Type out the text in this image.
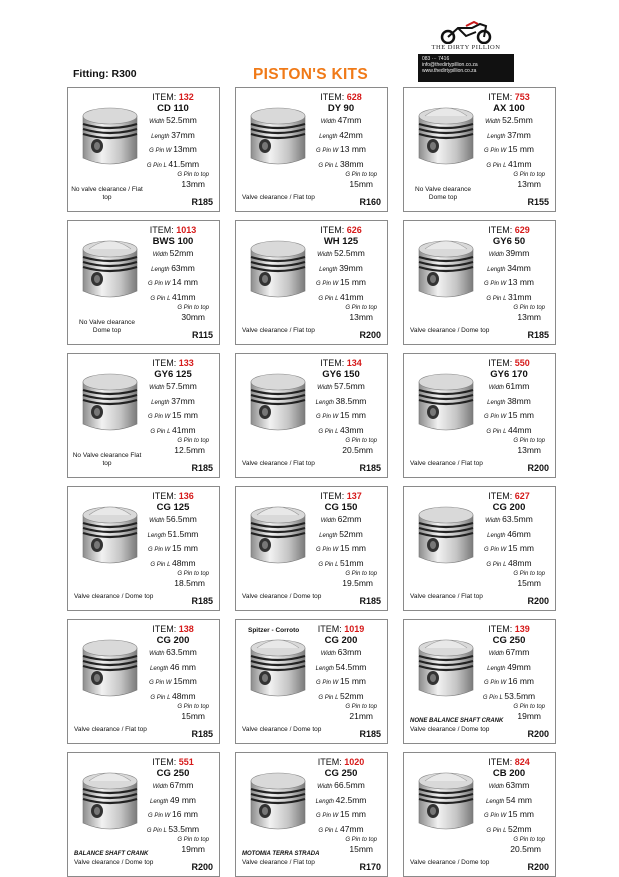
THE DIRTY PILLION
083 ··· 7416
info@thedirtypillion.co.za
www.thedirtypillion.co.za
Fitting: R300	PISTON'S KITS
ITEM: 132
CD 110
Width 52.5mm
Length 37mm
G Pin W 13mm
G Pin L 41.5mm
G Pin to top
13mm
No valve clearance / Flat top	R185
ITEM: 628
DY 90
Width 47mm
Length 42mm
G Pin W 13 mm
G Pin L 38mm
G Pin to top
15mm
Valve clearance / Flat top	R160
ITEM: 753
AX 100
Width 52.5mm
Length 37mm
G Pin W 15 mm
G Pin L 41mm
G Pin to top
13mm
No Valve clearance Dome top	R155
ITEM: 1013
BWS 100
Width 52mm
Length 63mm
G Pin W 14 mm
G Pin L 41mm
G Pin to top
30mm
No Valve clearance Dome top	R115
ITEM: 626
WH 125
Width 52.5mm
Length 39mm
G Pin W 15 mm
G Pin L 41mm
G Pin to top
13mm
Valve clearance / Flat top	R200
ITEM: 629
GY6 50
Width 39mm
Length 34mm
G Pin W 13 mm
G Pin L 31mm
G Pin to top
13mm
Valve clearance / Dome top	R185
ITEM: 133
GY6 125
Width 57.5mm
Length 37mm
G Pin W 15 mm
G Pin L 41mm
G Pin to top
12.5mm
No Valve clearance Flat top	R185
ITEM: 134
GY6 150
Width 57.5mm
Length 38.5mm
G Pin W 15 mm
G Pin L 43mm
G Pin to top
20.5mm
Valve clearance / Flat top	R185
ITEM: 550
GY6 170
Width 61mm
Length 38mm
G Pin W 15 mm
G Pin L 44mm
G Pin to top
13mm
Valve clearance / Flat top	R200
ITEM: 136
CG 125
Width 56.5mm
Length 51.5mm
G Pin W 15 mm
G Pin L 48mm
G Pin to top
18.5mm
Valve clearance / Dome top	R185
ITEM: 137
CG 150
Width 62mm
Length 52mm
G Pin W 15 mm
G Pin L 51mm
G Pin to top
19.5mm
Valve clearance / Dome top	R185
ITEM: 627
CG 200
Width 63.5mm
Length 46mm
G Pin W 15 mm
G Pin L 48mm
G Pin to top
15mm
Valve clearance / Flat top	R200
ITEM: 138
CG 200
Width 63.5mm
Length 46 mm
G Pin W 15mm
G Pin L 48mm
G Pin to top
15mm
Valve clearance / Flat top	R185
Spitzer - Corroto	ITEM: 1019
CG 200
Width 63mm
Length 54.5mm
G Pin W 15 mm
G Pin L 52mm
G Pin to top
21mm
Valve clearance / Dome top	R185
ITEM: 139
CG 250
Width 67mm
Length 49mm
G Pin W 16 mm
G Pin L 53.5mm
G Pin to top
19mm
NONE BALANCE SHAFT CRANK
Valve clearance / Dome top	R200
ITEM: 551
CG 250
Width 67mm
Length 49 mm
G Pin W 16 mm
G Pin L 53.5mm
G Pin to top
19mm
BALANCE SHAFT CRANK
Valve clearance / Dome top	R200
ITEM: 1020
CG 250
Width 66.5mm
Length 42.5mm
G Pin W 15 mm
G Pin L 47mm
G Pin to top
15mm
MOTOMIA TERRA STRADA
Valve clearance / Flat top	R170
ITEM: 824
CB 200
Width 63mm
Length 54 mm
G Pin W 15 mm
G Pin L 52mm
G Pin to top
20.5mm
Valve clearance / Dome top	R200
